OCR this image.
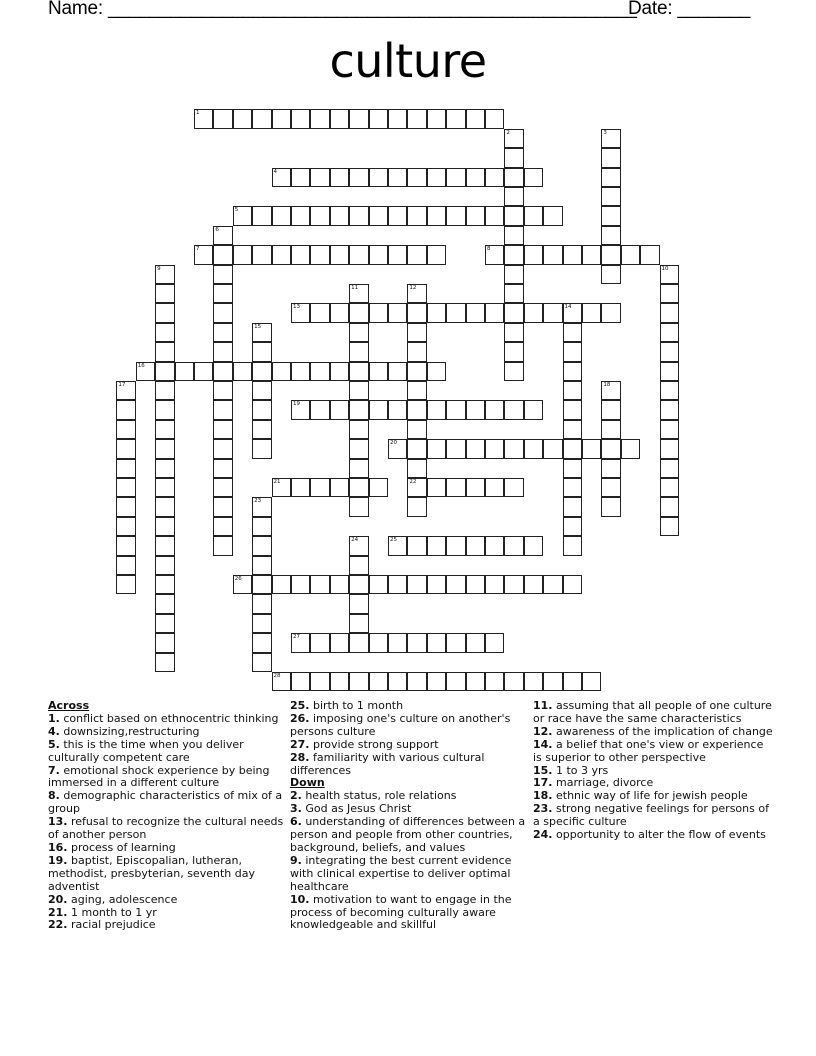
Name: ___________________________________________________
Date: _______
culture
1
2	3
4
5
6
7	8
9	10
11	12
22
13	14
15
16
17	18
19
20
21
23
24	25
26
27
28
Across
1. conflict based on ethnocentric thinking
4. downsizing,restructuring
5. this is the time when you deliver culturally competent care
7. emotional shock experience by being immersed in a different culture
8. demographic characteristics of mix of a group
13. refusal to recognize the cultural needs of another person
16. process of learning
19. baptist, Episcopalian, lutheran, methodist, presbyterian, seventh day adventist
20. aging, adolescence
21. 1 month to 1 yr
22. racial prejudice
25. birth to 1 month
26. imposing one's culture on another's persons culture
27. provide strong support
28. familiarity with various cultural differences
Down
2. health status, role relations
3. God as Jesus Christ
6. understanding of differences between a person and people from other countries, background, beliefs, and values
9. integrating the best current evidence with clinical expertise to deliver optimal healthcare
10. motivation to want to engage in the process of becoming culturally aware knowledgeable and skillful
11. assuming that all people of one culture or race have the same characteristics
12. awareness of the implication of change
14. a belief that one's view or experience is superior to other perspective
15. 1 to 3 yrs
17. marriage, divorce
18. ethnic way of life for jewish people
23. strong negative feelings for persons of a specific culture
24. opportunity to alter the flow of events
